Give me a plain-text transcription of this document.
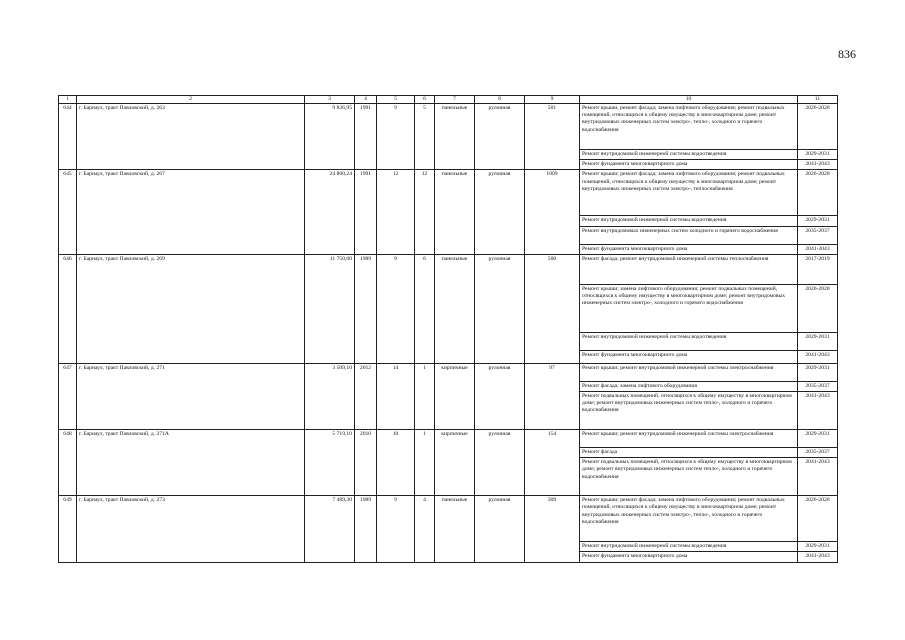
836
1	2	3	4	5	6	7	8	9	10	11
644	г. Барнаул, тракт Павловский, д. 263	9 836,95	1991	9	5	панельные	рулонная	501	Ремонт крыши, ремонт фасада; замена лифтового оборудования; ремонт подвальных помещений, относящихся к общему имуществу в многоквартирном доме; ремонт внутридомовых инженерных систем электро-, тепло-, холодного и горячего водоснабжения	2026-2028
									Ремонт внутридомовой инженерной системы водоотведения	2029-2031
									Ремонт фундамента многоквартирного дома	2041-2043
645	г. Барнаул, тракт Павловский, д. 267	24 800,24	1991	12	12	панельные	рулонная	1009	Ремонт крыши; ремонт фасада; замена лифтового оборудования; ремонт подвальных помещений, относящихся к общему имуществу в многоквартирном доме; ремонт внутридомовых инженерных систем электро-, теплоснабжения	2026-2028
									Ремонт внутридомовой инженерной системы водоотведения	2029-2031
									Ремонт внутридомовых инженерных систем холодного и горячего водоснабжения	2035-2037
									Ремонт фундамента многоквартирного дома	2041-2043
646	г. Барнаул, тракт Павловский, д. 269	11 750,00	1989	9	6	панельные	рулонная	500	Ремонт фасада; ремонт внутридомовой инженерной системы теплоснабжения	2017-2019
									Ремонт крыши; замена лифтового оборудования; ремонт подвальных помещений, относящихся к общему имуществу в многоквартирном доме; ремонт внутридомовых инженерных систем электро-, холодного и горячего водоснабжения	2026-2028
									Ремонт внутридомовой инженерной системы водоотведения	2029-2031
									Ремонт фундамента многоквартирного дома	2041-2043
647	г. Барнаул, тракт Павловский, д. 271	3 509,10	2012	14	1	кирпичные	рулонная	97	Ремонт крыши; ремонт внутридомовой инженерной системы электроснабжения	2029-2031
									Ремонт фасада; замена лифтового оборудования	2035-2037
									Ремонт подвальных помещений, относящихся к общему имуществу в многоквартирном доме; ремонт внутридомовых инженерных систем тепло-, холодного и горячего водоснабжения	2041-2043
648	г. Барнаул, тракт Павловский, д. 271А	5 719,10	2010	10	1	кирпичные	рулонная	154	Ремонт крыши; ремонт внутридомовой инженерной системы электроснабжения	2029-2031
									Ремонт фасада	2035-2037
									Ремонт подвальных помещений, относящихся к общему имуществу в многоквартирном доме; ремонт внутридомовых инженерных систем тепло-, холодного и горячего водоснабжения	2041-2043
649	г. Барнаул, тракт Павловский, д. 273	7 489,30	1989	9	4	панельные	рулонная	309	Ремонт крыши; ремонт фасада; замена лифтового оборудования; ремонт подвальных помещений, относящихся к общему имуществу в многоквартирном доме; ремонт внутридомовых инженерных систем электро-, тепло-, холодного и горячего водоснабжения	2026-2028
									Ремонт внутридомовой инженерной системы водоотведения	2029-2031
									Ремонт фундамента многоквартирного дома	2041-2043
